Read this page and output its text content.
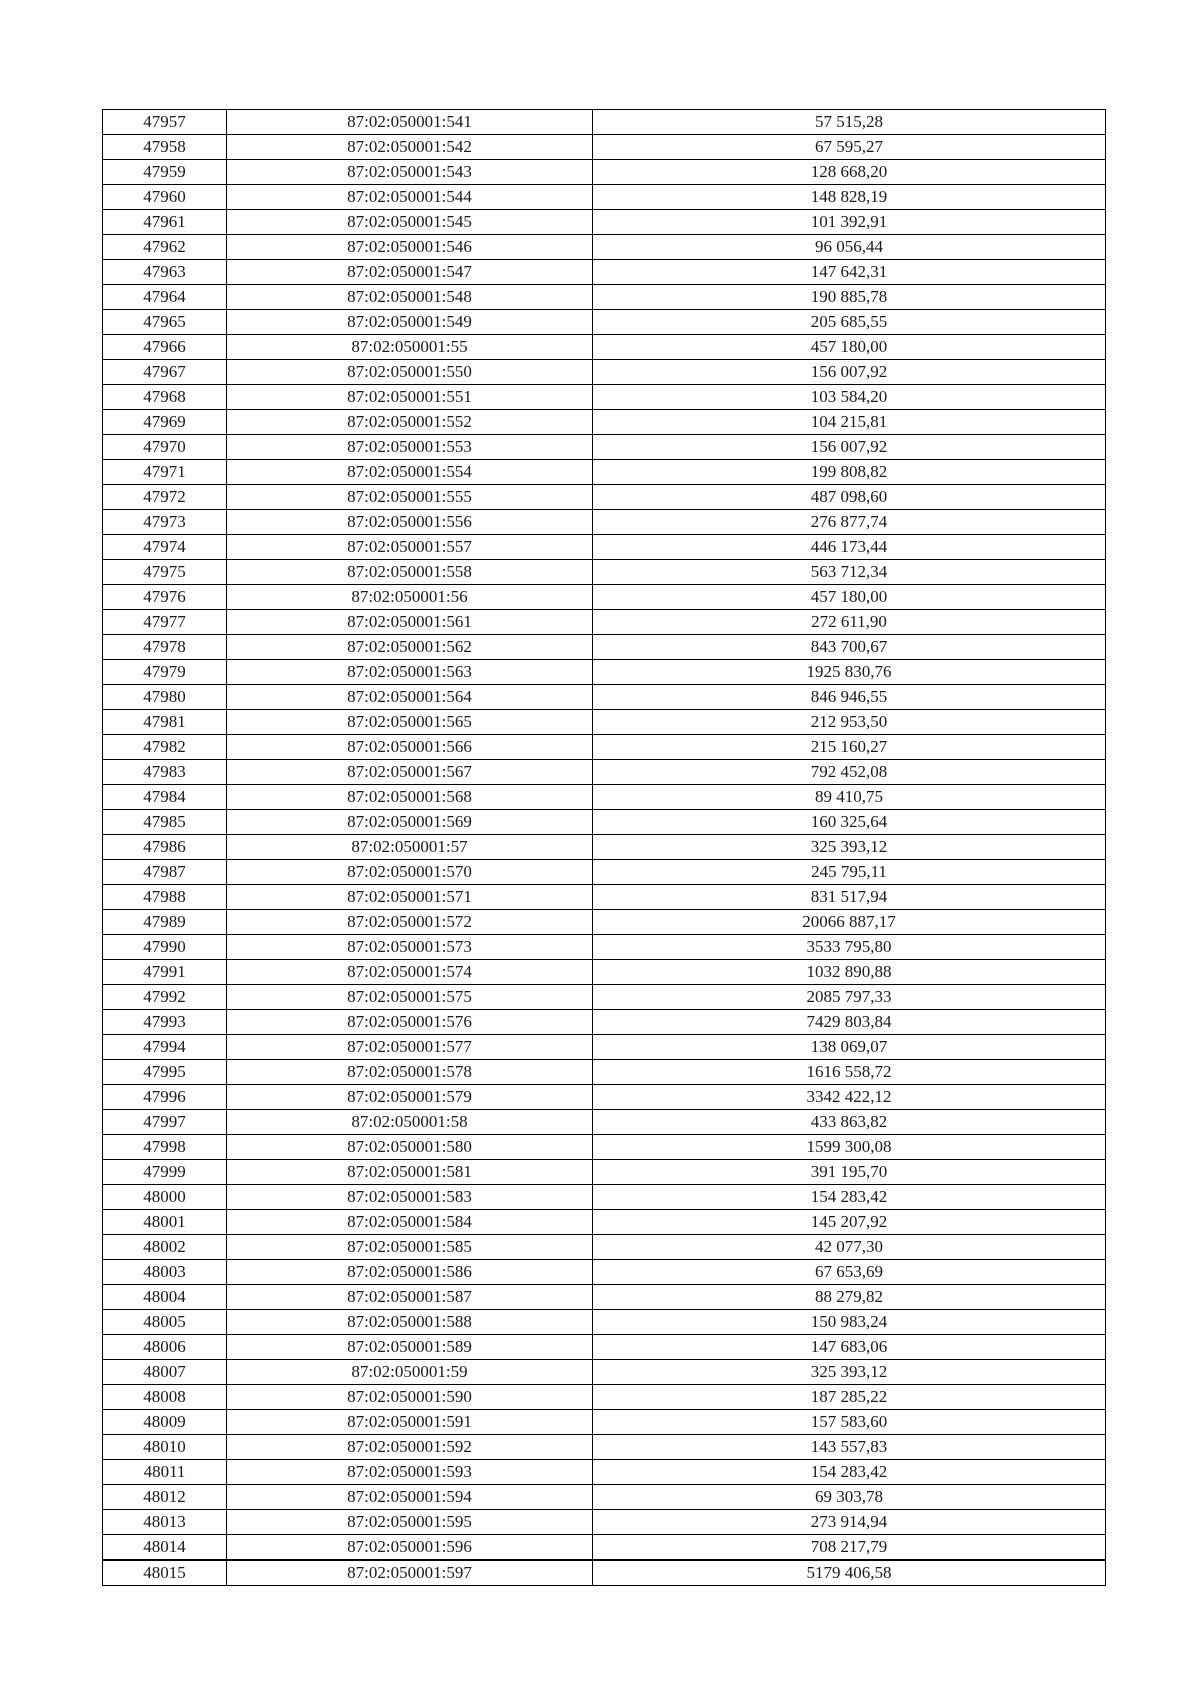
47957	87:02:050001:541	57 515,28
47958	87:02:050001:542	67 595,27
47959	87:02:050001:543	128 668,20
47960	87:02:050001:544	148 828,19
47961	87:02:050001:545	101 392,91
47962	87:02:050001:546	96 056,44
47963	87:02:050001:547	147 642,31
47964	87:02:050001:548	190 885,78
47965	87:02:050001:549	205 685,55
47966	87:02:050001:55	457 180,00
47967	87:02:050001:550	156 007,92
47968	87:02:050001:551	103 584,20
47969	87:02:050001:552	104 215,81
47970	87:02:050001:553	156 007,92
47971	87:02:050001:554	199 808,82
47972	87:02:050001:555	487 098,60
47973	87:02:050001:556	276 877,74
47974	87:02:050001:557	446 173,44
47975	87:02:050001:558	563 712,34
47976	87:02:050001:56	457 180,00
47977	87:02:050001:561	272 611,90
47978	87:02:050001:562	843 700,67
47979	87:02:050001:563	1925 830,76
47980	87:02:050001:564	846 946,55
47981	87:02:050001:565	212 953,50
47982	87:02:050001:566	215 160,27
47983	87:02:050001:567	792 452,08
47984	87:02:050001:568	89 410,75
47985	87:02:050001:569	160 325,64
47986	87:02:050001:57	325 393,12
47987	87:02:050001:570	245 795,11
47988	87:02:050001:571	831 517,94
47989	87:02:050001:572	20066 887,17
47990	87:02:050001:573	3533 795,80
47991	87:02:050001:574	1032 890,88
47992	87:02:050001:575	2085 797,33
47993	87:02:050001:576	7429 803,84
47994	87:02:050001:577	138 069,07
47995	87:02:050001:578	1616 558,72
47996	87:02:050001:579	3342 422,12
47997	87:02:050001:58	433 863,82
47998	87:02:050001:580	1599 300,08
47999	87:02:050001:581	391 195,70
48000	87:02:050001:583	154 283,42
48001	87:02:050001:584	145 207,92
48002	87:02:050001:585	42 077,30
48003	87:02:050001:586	67 653,69
48004	87:02:050001:587	88 279,82
48005	87:02:050001:588	150 983,24
48006	87:02:050001:589	147 683,06
48007	87:02:050001:59	325 393,12
48008	87:02:050001:590	187 285,22
48009	87:02:050001:591	157 583,60
48010	87:02:050001:592	143 557,83
48011	87:02:050001:593	154 283,42
48012	87:02:050001:594	69 303,78
48013	87:02:050001:595	273 914,94
48014	87:02:050001:596	708 217,79
48015	87:02:050001:597	5179 406,58
